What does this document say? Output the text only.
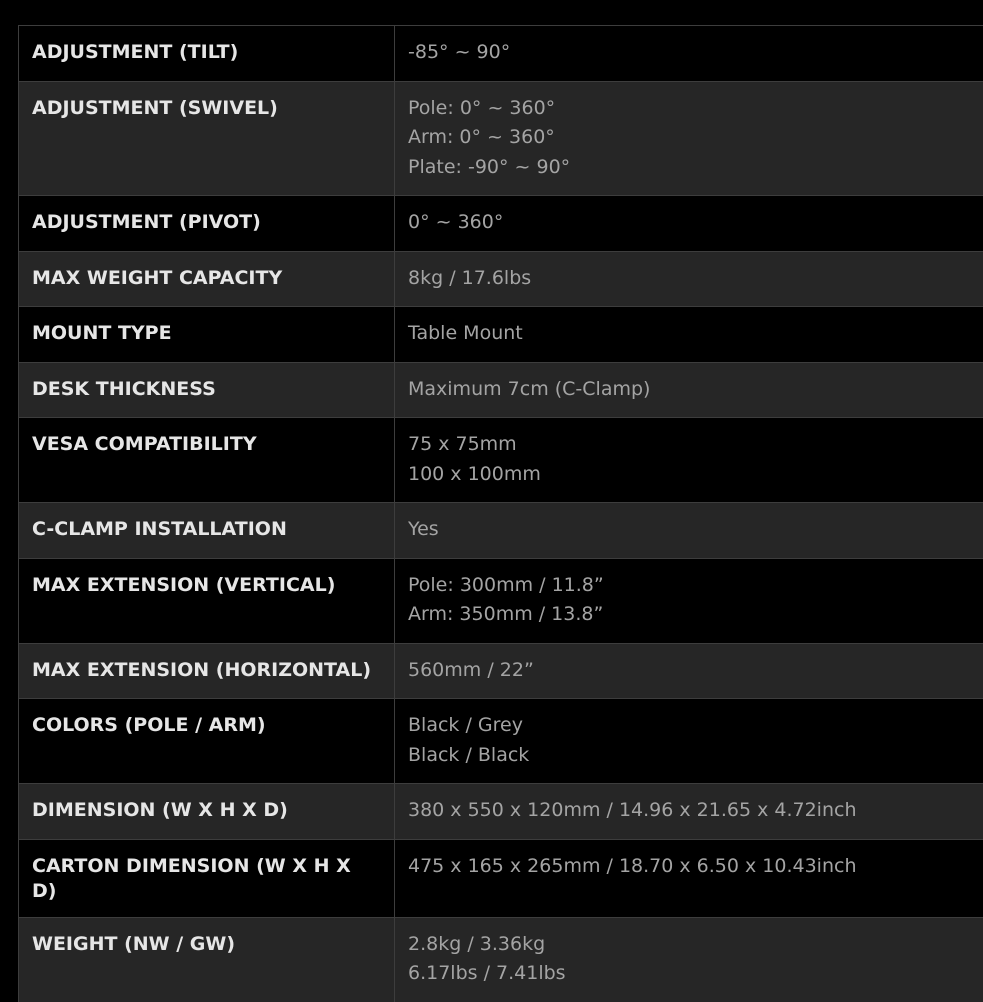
ADJUSTMENT (TILT)	-85° ~ 90°

ADJUSTMENT (SWIVEL)	Pole: 0° ~ 360°
Arm: 0° ~ 360°
Plate: -90° ~ 90°

ADJUSTMENT (PIVOT)	0° ~ 360°

MAX WEIGHT CAPACITY	8kg / 17.6lbs

MOUNT TYPE	Table Mount

DESK THICKNESS	Maximum 7cm (C-Clamp)

VESA COMPATIBILITY	75 x 75mm
100 x 100mm

C-CLAMP INSTALLATION	Yes

MAX EXTENSION (VERTICAL)	Pole: 300mm / 11.8”
Arm: 350mm / 13.8”

MAX EXTENSION (HORIZONTAL)	560mm / 22”

COLORS (POLE / ARM)	Black / Grey
Black / Black

DIMENSION (W X H X D)	380 x 550 x 120mm / 14.96 x 21.65 x 4.72inch

CARTON DIMENSION (W X H X D)	475 x 165 x 265mm / 18.70 x 6.50 x 10.43inch

WEIGHT (NW / GW)	2.8kg / 3.36kg
6.17lbs / 7.41lbs
